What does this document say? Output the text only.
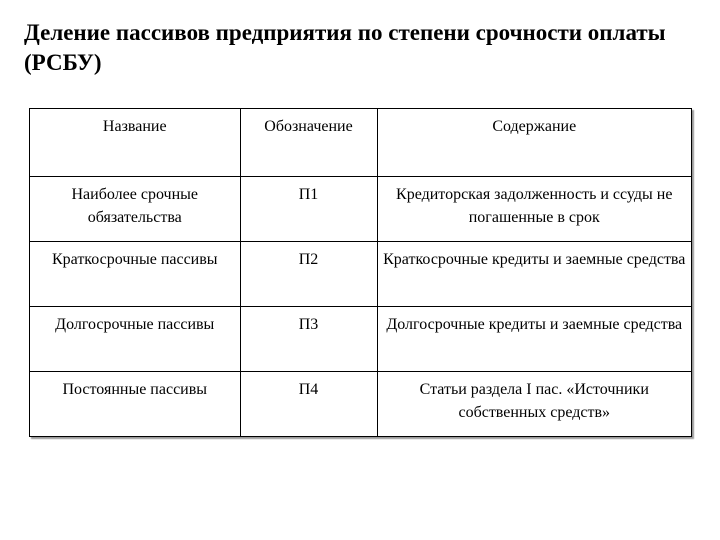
Деление пассивов предприятия по степени срочности оплаты (РСБУ)
Название	Обозначение	Содержание
Наиболее срочные обязательства	П1	Кредиторская задолженность и ссуды не погашенные в срок
Краткосрочные пассивы	П2	Краткосрочные кредиты и заемные средства
Долгосрочные пассивы	П3	Долгосрочные кредиты и заемные средства
Постоянные пассивы	П4	Статьи раздела I пас. «Источники собственных средств»
